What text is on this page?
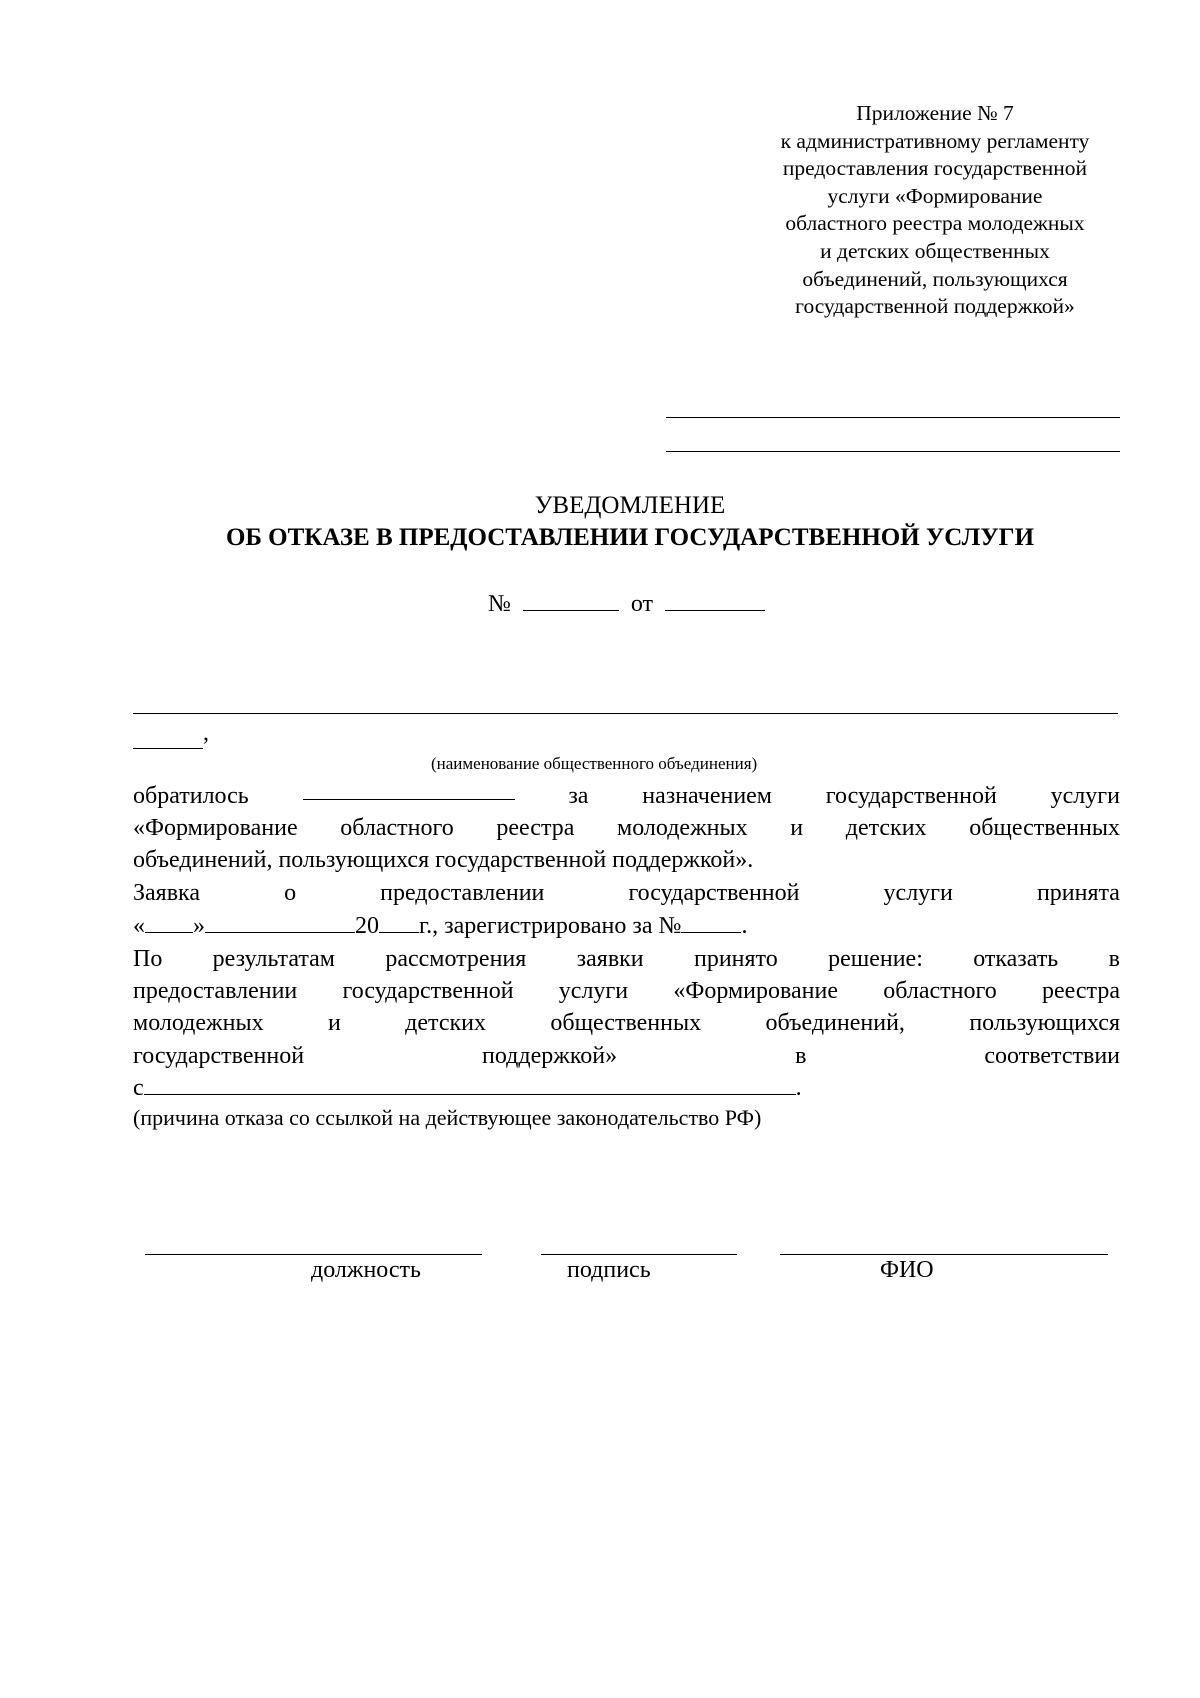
Приложение № 7
к административному регламенту
предоставления государственной
услуги «Формирование
областного реестра молодежных
и детских общественных
объединений, пользующихся
государственной поддержкой»
УВЕДОМЛЕНИЕ
ОБ ОТКАЗЕ В ПРЕДОСТАВЛЕНИИ ГОСУДАРСТВЕННОЙ УСЛУГИ
№	от
,
(наименование общественного объединения)
обратилось	за назначением государственной услуги
«Формирование областного реестра молодежных и детских общественных
объединений, пользующихся государственной поддержкой».
Заявка	о	предоставлении	государственной	услуги	принята
« »	20 г., зарегистрировано за №	.
По результатам рассмотрения заявки принято решение: отказать в
предоставлении государственной услуги «Формирование областного реестра
молодежных	и	детских	общественных	объединений,	пользующихся
государственной	поддержкой»	в	соответствии
с	.
(причина отказа со ссылкой на действующее законодательство РФ)
должность	подпись	ФИО
